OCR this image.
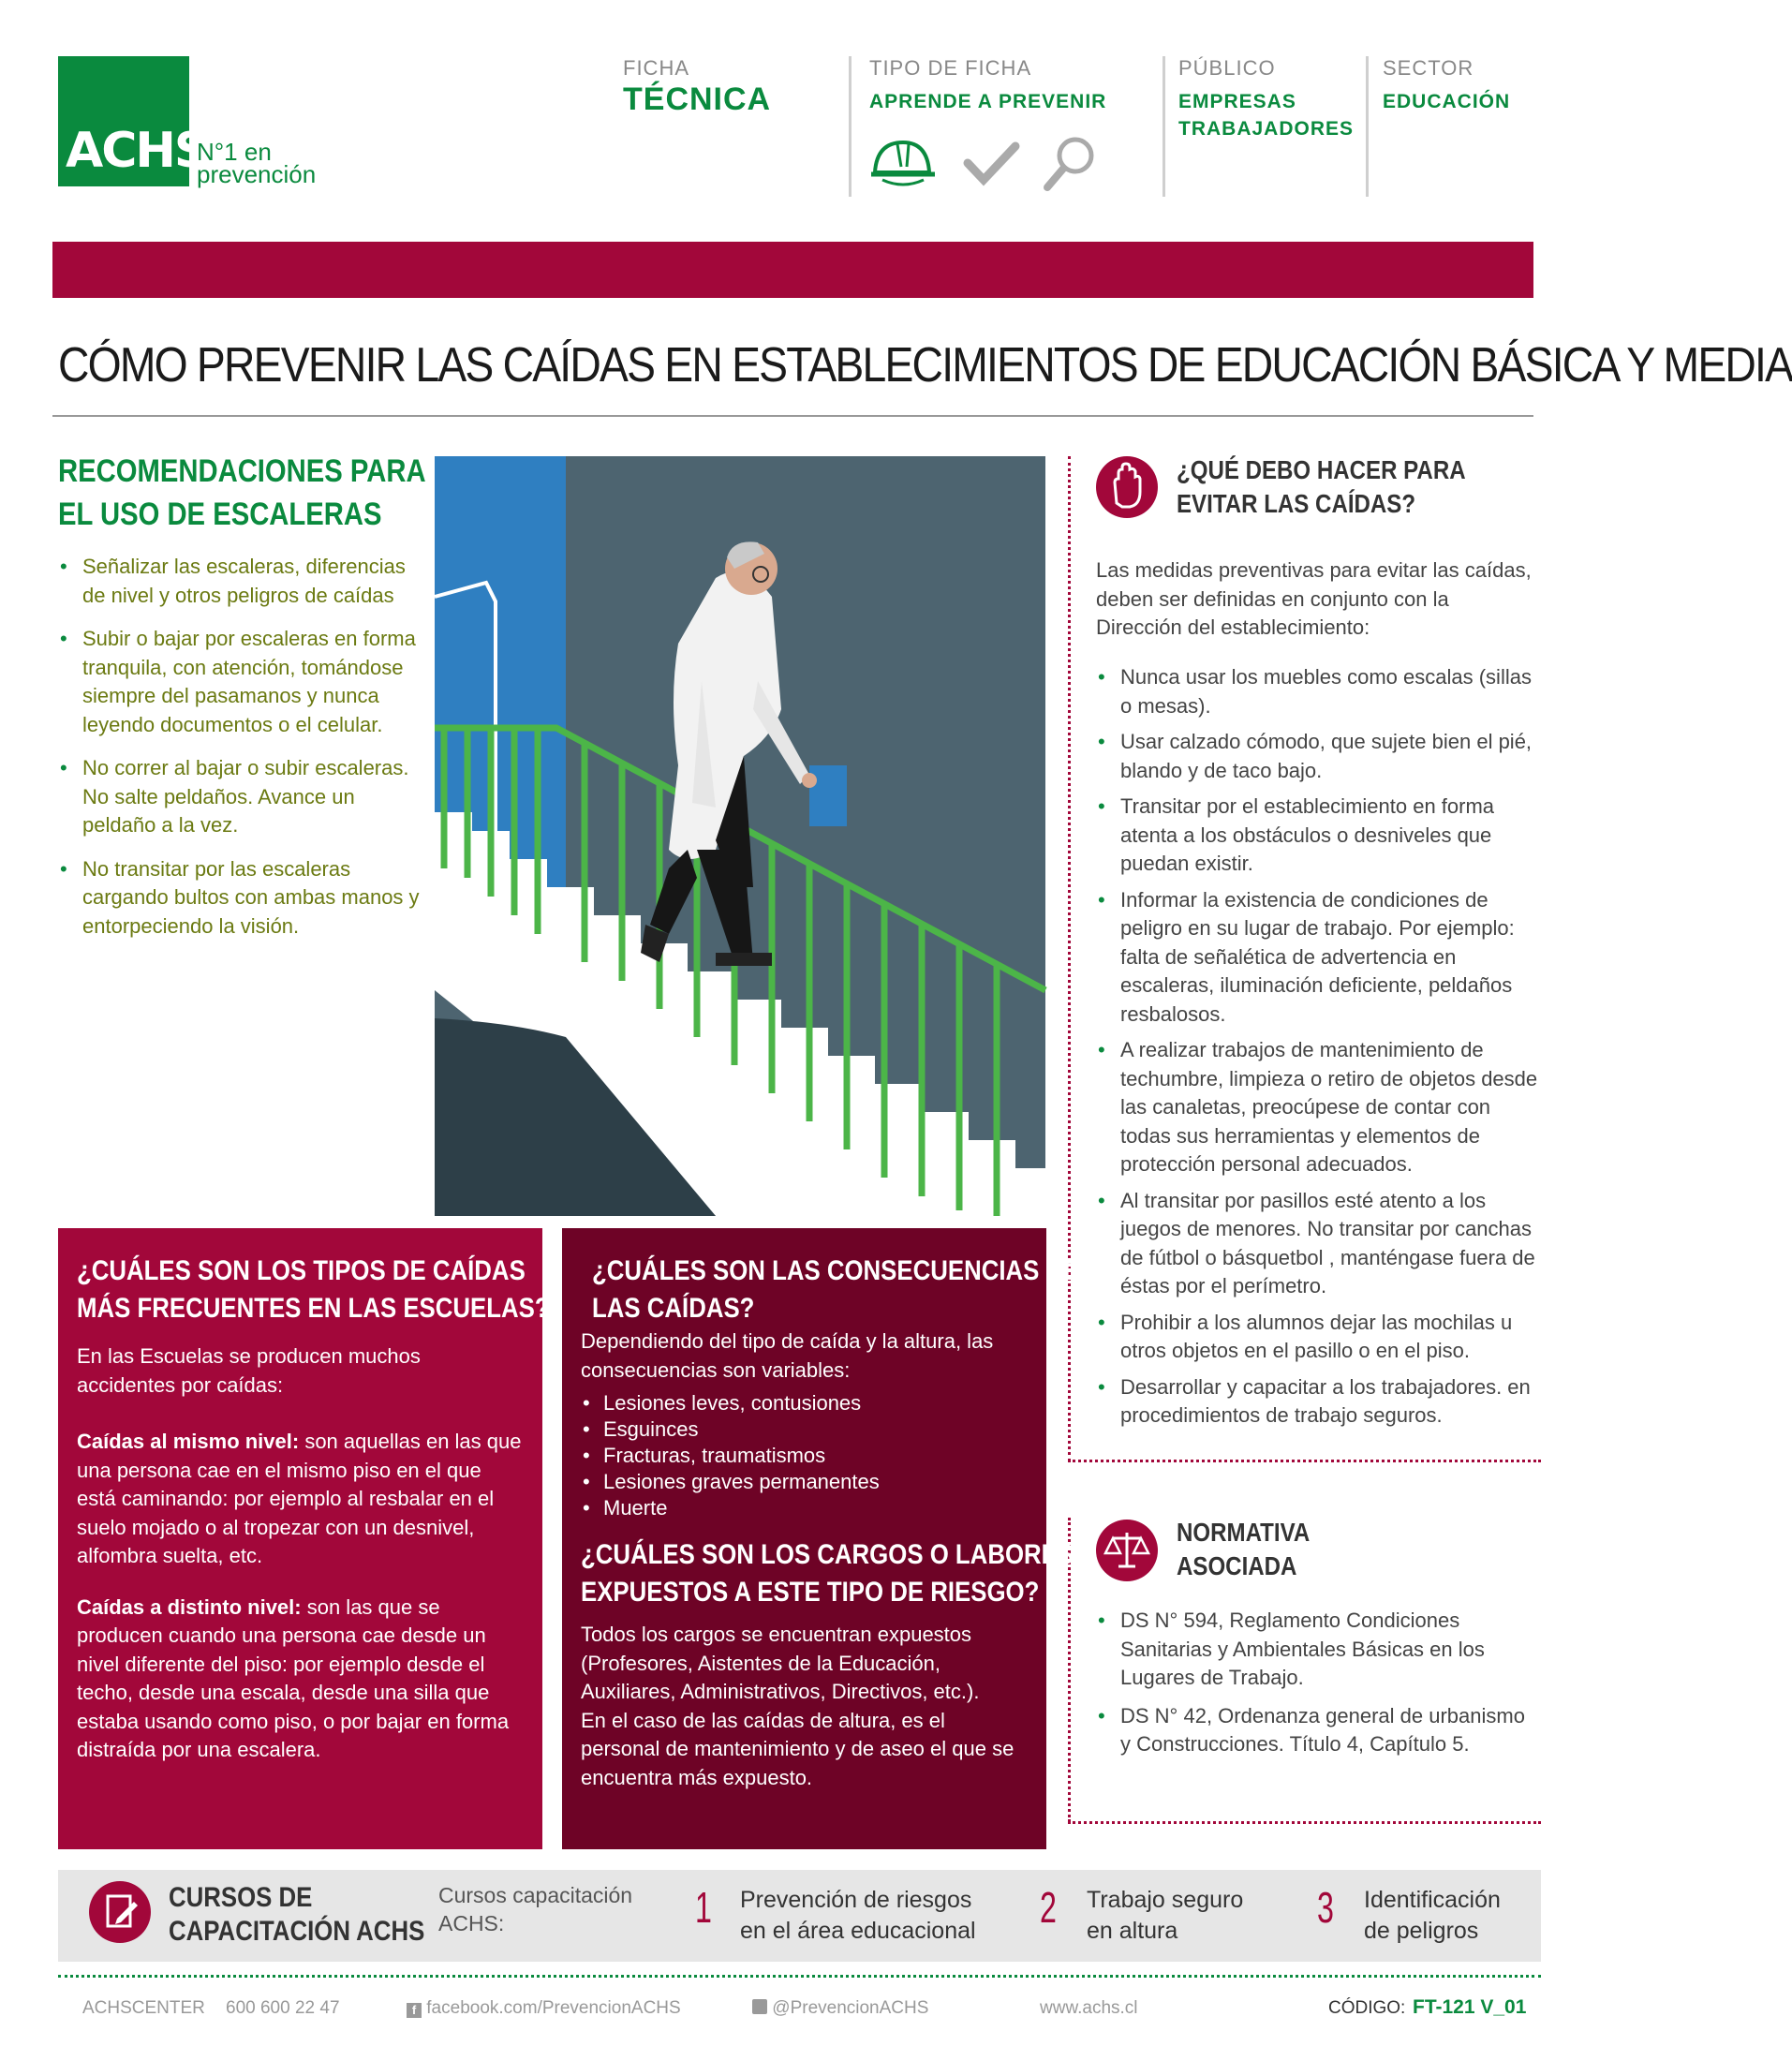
ACHS
N°1 en
prevención
FICHA
TÉCNICA
TIPO DE FICHA
APRENDE A PREVENIR
PÚBLICO
EMPRESAS
TRABAJADORES
SECTOR
EDUCACIÓN
CÓMO PREVENIR LAS CAÍDAS EN ESTABLECIMIENTOS DE EDUCACIÓN BÁSICA Y MEDIA
RECOMENDACIONES PARA
EL USO DE ESCALERAS
• Señalizar las escaleras, diferencias de nivel y otros peligros de caídas
• Subir o bajar por escaleras en forma tranquila, con atención, tomándose siempre del pasamanos y nunca leyendo documentos o el celular.
• No correr al bajar o subir escaleras. No salte peldaños. Avance un peldaño a la vez.
• No transitar por las escaleras cargando bultos con ambas manos y entorpeciendo la visión.
¿QUÉ DEBO HACER PARA
EVITAR LAS CAÍDAS?
Las medidas preventivas para evitar las caídas, deben ser definidas en conjunto con la Dirección del establecimiento:
• Nunca usar los muebles como escalas (sillas o mesas).
• Usar calzado cómodo, que sujete bien el pié, blando y de taco bajo.
• Transitar por el establecimiento en forma atenta a los obstáculos o desniveles que puedan existir.
• Informar la existencia de condiciones de peligro en su lugar de trabajo. Por ejemplo: falta de señalética de advertencia en escaleras, iluminación deficiente, peldaños resbalosos.
• A realizar trabajos de mantenimiento de techumbre, limpieza o retiro de objetos desde las canaletas, preocúpese de contar con todas sus herramientas y elementos de protección personal adecuados.
• Al transitar por pasillos esté atento a los juegos de menores. No transitar por canchas de fútbol o básquetbol , manténgase fuera de éstas por el perímetro.
• Prohibir a los alumnos dejar las mochilas u otros objetos en el pasillo o en el piso.
• Desarrollar y capacitar a los trabajadores. en procedimientos de trabajo seguros.
NORMATIVA
ASOCIADA
• DS N° 594, Reglamento Condiciones Sanitarias y Ambientales Básicas en los Lugares de Trabajo.
• DS N° 42, Ordenanza general de urbanismo y Construcciones. Título 4, Capítulo 5.
¿CUÁLES SON LOS TIPOS DE CAÍDAS
MÁS FRECUENTES EN LAS ESCUELAS?

En las Escuelas se producen muchos accidentes por caídas:

Caídas al mismo nivel: son aquellas en las que una persona cae en el mismo piso en el que está caminando: por ejemplo al resbalar en el suelo mojado o al tropezar con un desnivel, alfombra suelta, etc.

Caídas a distinto nivel: son las que se producen cuando una persona cae desde un nivel diferente del piso: por ejemplo desde el techo, desde una escala, desde una silla que estaba usando como piso, o por bajar en forma distraída por una escalera.

¿CUÁLES SON LAS CONSECUENCIAS DE
LAS CAÍDAS?

Dependiendo del tipo de caída y la altura, las consecuencias son variables:

• Lesiones leves, contusiones
• Esguinces
• Fracturas, traumatismos
• Lesiones graves permanentes
• Muerte
¿CUÁLES SON LOS CARGOS O LABORES
EXPUESTOS A ESTE TIPO DE RIESGO?

Todos los cargos se encuentran expuestos (Profesores, Aistentes de la Educación, Auxiliares, Administrativos, Directivos, etc.).

En el caso de las caídas de altura, es el personal de mantenimiento y de aseo el que se encuentra más expuesto.

CURSOS DE
CAPACITACIÓN ACHS
Cursos capacitación
ACHS:	1 Prevención de riesgos
en el área educacional 2 Trabajo seguro
en altura	3 Identificación
de peligros
ACHSCENTER 600 600 22 47	f facebook.com/PrevencionACHS	@PrevencionACHS	www.achs.cl	CÓDIGO: FT-121 V_01
